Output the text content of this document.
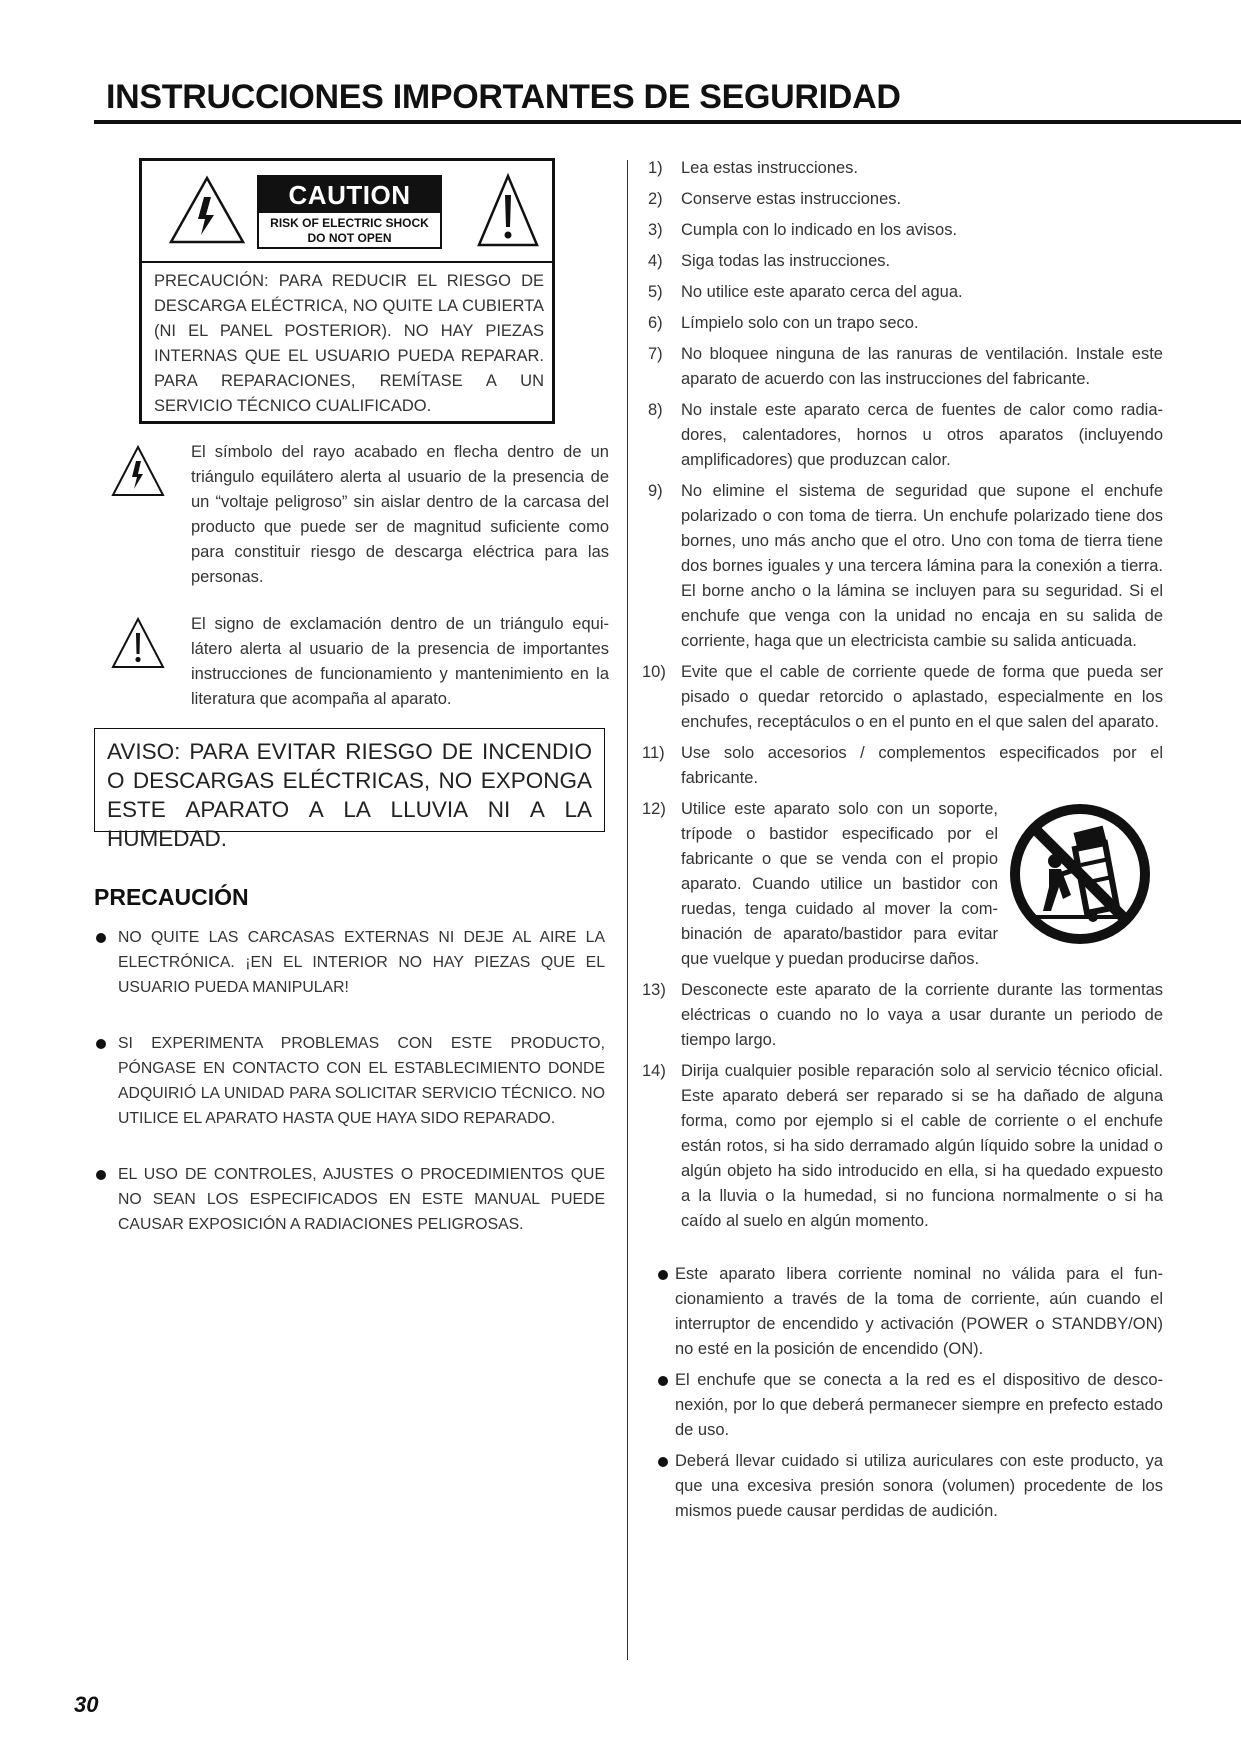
INSTRUCCIONES IMPORTANTES DE SEGURIDAD
CAUTION
RISK OF ELECTRIC SHOCK
DO NOT OPEN

PRECAUCIÓN: PARA REDUCIR EL RIESGO DE DESCARGA ELÉCTRICA, NO QUITE LA CUBIERTA (NI EL PANEL POSTERIOR). NO HAY PIEZAS INTERNAS QUE EL USUARIO PUEDA REPARAR. PARA REPARACIONES, REMÍTASE A UN SERVICIO TÉCNICO CUALIFICADO.

El símbolo del rayo acabado en flecha dentro de un triángulo equilátero alerta al usuario de la presencia de un “voltaje peligroso” sin aislar dentro de la carcasa del producto que puede ser de magnitud suficiente como para constituir riesgo de descarga eléctrica para las personas.

El signo de exclamación dentro de un triángulo equilátero alerta al usuario de la presencia de importantes instrucciones de funcionamiento y mantenimiento en la literatura que acompaña al aparato.

AVISO: PARA EVITAR RIESGO DE INCENDIO O DESCARGAS ELÉCTRICAS, NO EXPONGA ESTE APARATO A LA LLUVIA NI A LA HUMEDAD.

PRECAUCIÓN
NO QUITE LAS CARCASAS EXTERNAS NI DEJE AL AIRE LA ELECTRÓNICA. ¡EN EL INTERIOR NO HAY PIEZAS QUE EL USUARIO PUEDA MANIPULAR!
SI EXPERIMENTA PROBLEMAS CON ESTE PRODUCTO, PÓNGASE EN CONTACTO CON EL ESTABLECIMIENTO DONDE ADQUIRIÓ LA UNIDAD PARA SOLICITAR SERVICIO TÉCNICO. NO UTILICE EL APARATO HASTA QUE HAYA SIDO REPARADO.
EL USO DE CONTROLES, AJUSTES O PROCEDIMIENTOS QUE NO SEAN LOS ESPECIFICADOS EN ESTE MANUAL PUEDE CAUSAR EXPOSICIÓN A RADIACIONES PELIGROSAS.
1) Lea estas instrucciones.
2) Conserve estas instrucciones.
3) Cumpla con lo indicado en los avisos.
4) Siga todas las instrucciones.
5) No utilice este aparato cerca del agua.
6) Límpielo solo con un trapo seco.
7) No bloquee ninguna de las ranuras de ventilación. Instale este aparato de acuerdo con las instrucciones del fabricante.
8) No instale este aparato cerca de fuentes de calor como radiadores, calentadores, hornos u otros aparatos (incluyendo amplificadores) que produzcan calor.
9) No elimine el sistema de seguridad que supone el enchufe polarizado o con toma de tierra. Un enchufe polarizado tiene dos bornes, uno más ancho que el otro. Uno con toma de tierra tiene dos bornes iguales y una tercera lámina para la conexión a tierra. El borne ancho o la lámina se incluyen para su seguridad. Si el enchufe que venga con la unidad no encaja en su salida de corriente, haga que un electricista cambie su salida anticuada.
10) Evite que el cable de corriente quede de forma que pueda ser pisado o quedar retorcido o aplastado, especialmente en los enchufes, receptáculos o en el punto en el que salen del aparato.
11) Use solo accesorios / complementos especificados por el fabricante.
12) Utilice este aparato solo con un soporte, trípode o bastidor especificado por el fabricante o que se venda con el propio aparato. Cuando utilice un bastidor con ruedas, tenga cuidado al mover la combinación de aparato/bastidor para evitar que vuelque y puedan producirse daños.
13) Desconecte este aparato de la corriente durante las tormentas eléctricas o cuando no lo vaya a usar durante un periodo de tiempo largo.
14) Dirija cualquier posible reparación solo al servicio técnico oficial. Este aparato deberá ser reparado si se ha dañado de alguna forma, como por ejemplo si el cable de corriente o el enchufe están rotos, si ha sido derramado algún líquido sobre la unidad o algún objeto ha sido introducido en ella, si ha quedado expuesto a la lluvia o la humedad, si no funciona normalmente o si ha caído al suelo en algún momento.
Este aparato libera corriente nominal no válida para el funcionamiento a través de la toma de corriente, aún cuando el interruptor de encendido y activación (POWER o STANDBY/ON) no esté en la posición de encendido (ON).
El enchufe que se conecta a la red es el dispositivo de desconexión, por lo que deberá permanecer siempre en prefecto estado de uso.
Deberá llevar cuidado si utiliza auriculares con este producto, ya que una excesiva presión sonora (volumen) procedente de los mismos puede causar perdidas de audición.

30
